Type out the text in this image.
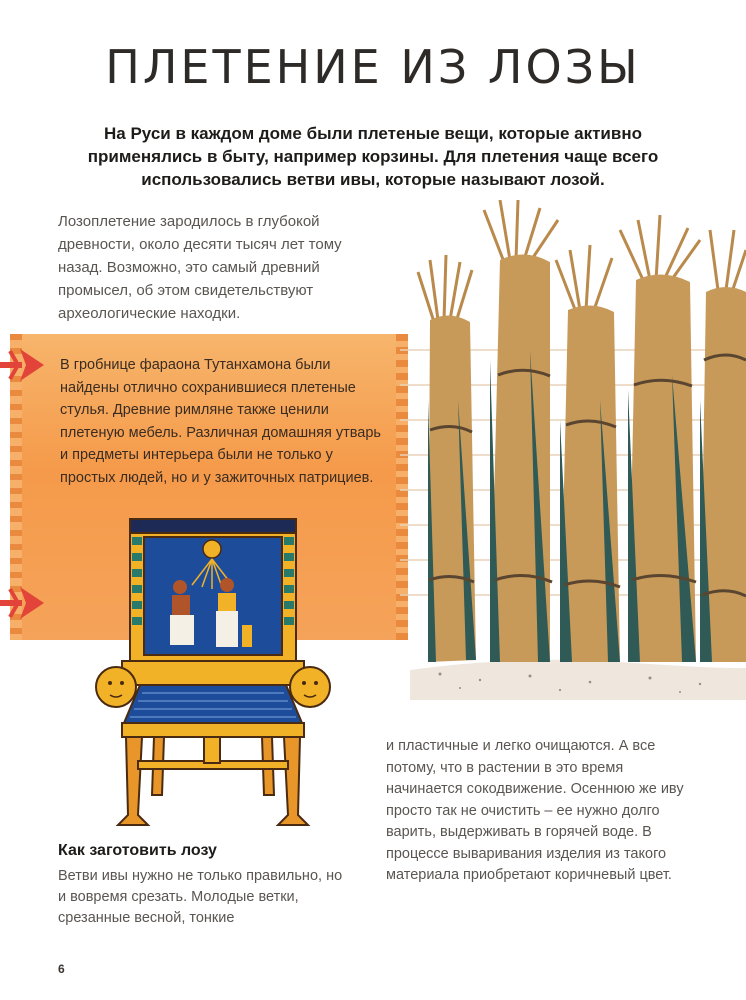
ПЛЕТЕНИЕ ИЗ ЛОЗЫ

На Руси в каждом доме были плетеные вещи, которые активно применялись в быту, например корзины. Для плетения чаще всего использовались ветви ивы, которые называют лозой.

Лозоплетение зародилось в глубокой древности, около десяти тысяч лет тому назад. Возможно, это самый древний промысел, об этом свидетельствуют археологические находки.

В гробнице фараона Тутанхамона были найдены отлично сохранившиеся плетеные стулья. Древние римляне также ценили плетеную мебель. Различная домашняя утварь и предметы интерьера были не только у простых людей, но и у зажиточных патрициев.

и пластичные и легко очищаются. А все потому, что в растении в это время начинается сокодвижение. Осеннюю же иву просто так не очистить – ее нужно долго варить, выдерживать в горячей воде. В процессе вываривания изделия из такого материала приобретают коричневый цвет.

Как заготовить лозу

Ветви ивы нужно не только правильно, но и вовремя срезать. Молодые ветки, срезанные весной, тонкие

6
